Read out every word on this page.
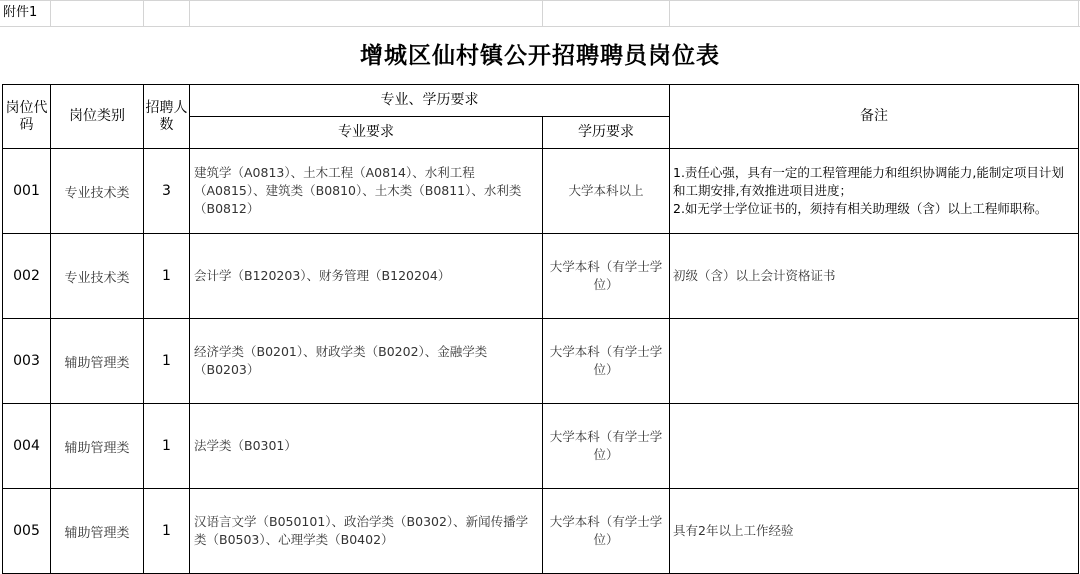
附件1
增城区仙村镇公开招聘聘员岗位表
岗位代码	岗位类别	招聘人数	专业、学历要求		备注
			专业要求	学历要求	
001	专业技术类	3	建筑学（A0813）、土木工程（A0814）、水利工程（A0815）、建筑类（B0810）、土木类（B0811）、水利类（B0812）	大学本科以上	1.责任心强，具有一定的工程管理能力和组织协调能力,能制定项目计划和工期安排,有效推进项目进度；

2.如无学士学位证书的，须持有相关助理级（含）以上工程师职称。

002	专业技术类	1	会计学（B120203）、财务管理（B120204）	大学本科（有学士学位）	初级（含）以上会计资格证书

003	辅助管理类	1	经济学类（B0201）、财政学类（B0202）、金融学类（B0203）	大学本科（有学士学位）	
004	辅助管理类	1	法学类（B0301）	大学本科（有学士学位）	
005	辅助管理类	1	汉语言文学（B050101）、政治学类（B0302）、新闻传播学类（B0503）、心理学类（B0402）	大学本科（有学士学位）	具有2年以上工作经验
